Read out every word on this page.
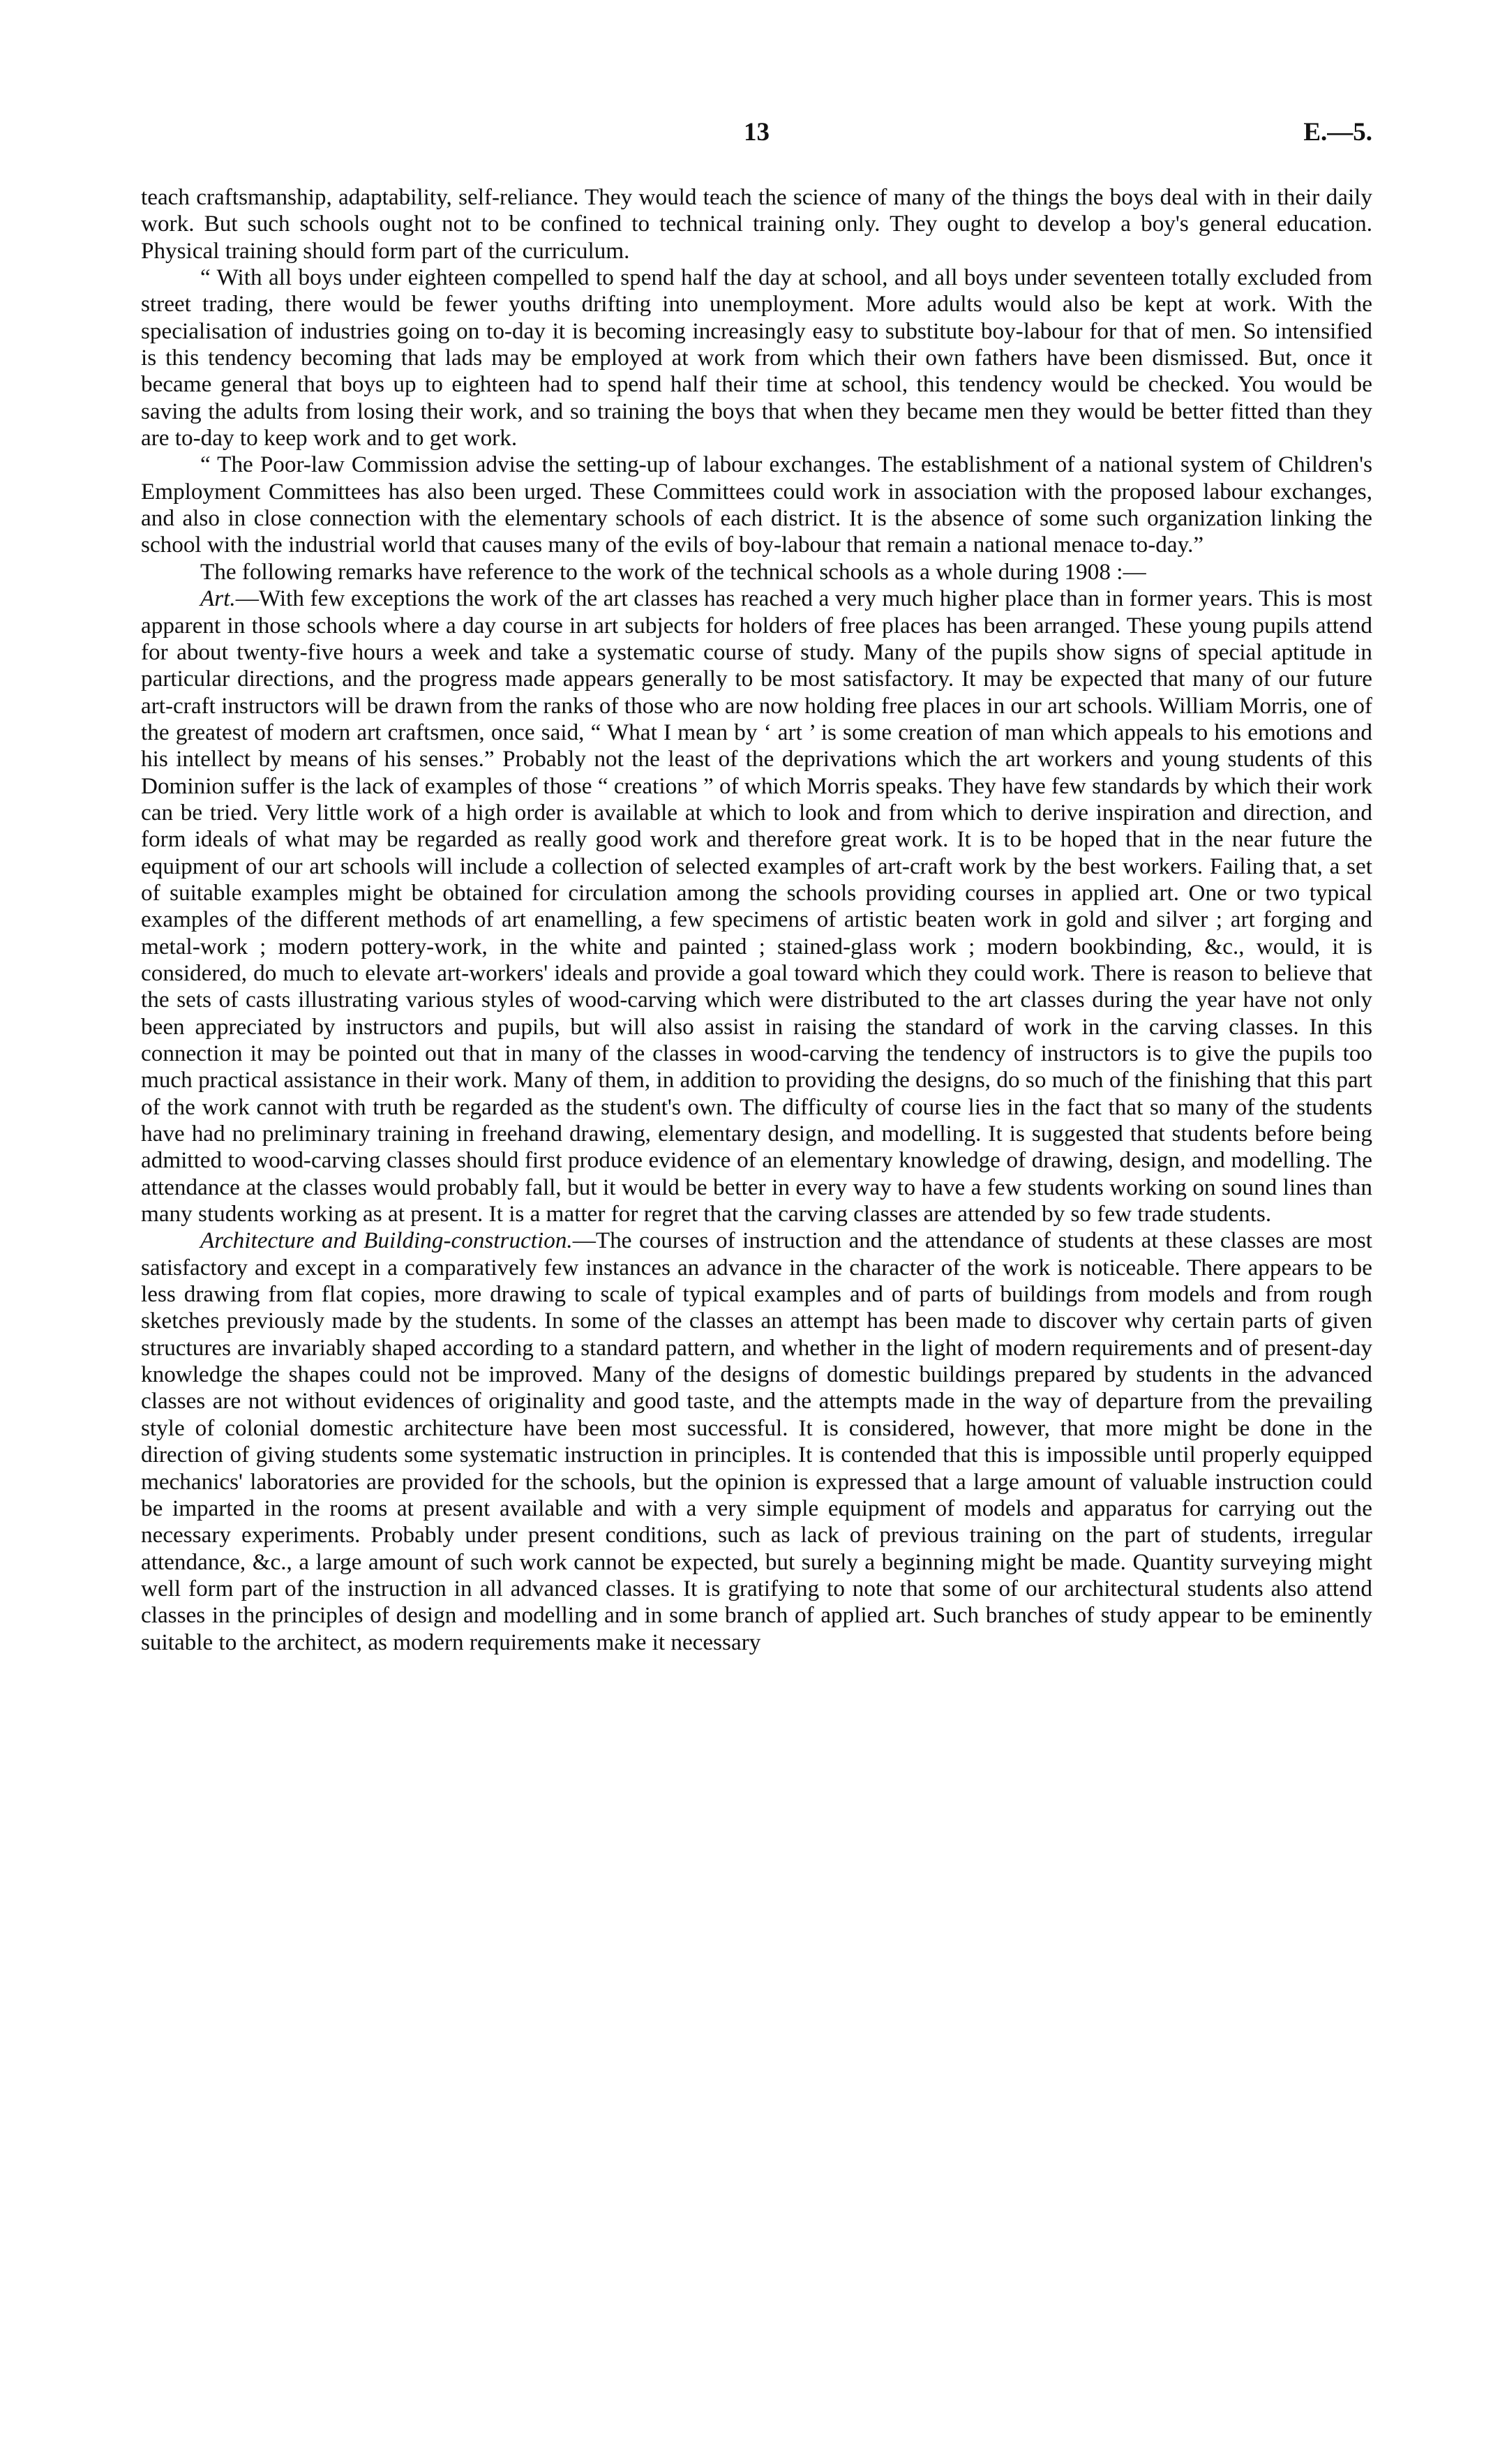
13	E.—5.

teach craftsmanship, adaptability, self-reliance. They would teach the science of many of the things the boys deal with in their daily work. But such schools ought not to be confined to technical training only. They ought to develop a boy's general education. Physical training should form part of the curriculum.

“ With all boys under eighteen compelled to spend half the day at school, and all boys under seventeen totally excluded from street trading, there would be fewer youths drifting into unemployment. More adults would also be kept at work. With the specialisation of industries going on to-day it is becoming increasingly easy to substitute boy-labour for that of men. So intensified is this tendency becoming that lads may be employed at work from which their own fathers have been dismissed. But, once it became general that boys up to eighteen had to spend half their time at school, this tendency would be checked. You would be saving the adults from losing their work, and so training the boys that when they became men they would be better fitted than they are to-day to keep work and to get work.

“ The Poor-law Commission advise the setting-up of labour exchanges. The establishment of a national system of Children's Employment Committees has also been urged. These Committees could work in association with the proposed labour exchanges, and also in close connection with the elementary schools of each district. It is the absence of some such organization linking the school with the industrial world that causes many of the evils of boy-labour that remain a national menace to-day.”

The following remarks have reference to the work of the technical schools as a whole during 1908 :—

Art.—With few exceptions the work of the art classes has reached a very much higher place than in former years. This is most apparent in those schools where a day course in art subjects for holders of free places has been arranged. These young pupils attend for about twenty-five hours a week and take a systematic course of study. Many of the pupils show signs of special aptitude in particular directions, and the progress made appears generally to be most satisfactory. It may be expected that many of our future art-craft instructors will be drawn from the ranks of those who are now holding free places in our art schools. William Morris, one of the greatest of modern art craftsmen, once said, “ What I mean by ‘ art ’ is some creation of man which appeals to his emotions and his intellect by means of his senses.” Probably not the least of the deprivations which the art workers and young students of this Dominion suffer is the lack of examples of those “ creations ” of which Morris speaks. They have few standards by which their work can be tried. Very little work of a high order is available at which to look and from which to derive inspiration and direction, and form ideals of what may be regarded as really good work and therefore great work. It is to be hoped that in the near future the equipment of our art schools will include a collection of selected examples of art-craft work by the best workers. Failing that, a set of suitable examples might be obtained for circulation among the schools providing courses in applied art. One or two typical examples of the different methods of art enamelling, a few specimens of artistic beaten work in gold and silver ; art forging and metal-work ; modern pottery-work, in the white and painted ; stained-glass work ; modern bookbinding, &c., would, it is considered, do much to elevate art-workers' ideals and provide a goal toward which they could work. There is reason to believe that the sets of casts illustrating various styles of wood-carving which were distributed to the art classes during the year have not only been appreciated by instructors and pupils, but will also assist in raising the standard of work in the carving classes. In this connection it may be pointed out that in many of the classes in wood-carving the tendency of instructors is to give the pupils too much practical assistance in their work. Many of them, in addition to providing the designs, do so much of the finishing that this part of the work cannot with truth be regarded as the student's own. The difficulty of course lies in the fact that so many of the students have had no preliminary training in freehand drawing, elementary design, and modelling. It is suggested that students before being admitted to wood-carving classes should first produce evidence of an elementary knowledge of drawing, design, and modelling. The attendance at the classes would probably fall, but it would be better in every way to have a few students working on sound lines than many students working as at present. It is a matter for regret that the carving classes are attended by so few trade students.

Architecture and Building-construction.—The courses of instruction and the attendance of students at these classes are most satisfactory and except in a comparatively few instances an advance in the character of the work is noticeable. There appears to be less drawing from flat copies, more drawing to scale of typical examples and of parts of buildings from models and from rough sketches previously made by the students. In some of the classes an attempt has been made to discover why certain parts of given structures are invariably shaped according to a standard pattern, and whether in the light of modern requirements and of present-day knowledge the shapes could not be improved. Many of the designs of domestic buildings prepared by students in the advanced classes are not without evidences of originality and good taste, and the attempts made in the way of departure from the prevailing style of colonial domestic architecture have been most successful. It is considered, however, that more might be done in the direction of giving students some systematic instruction in principles. It is contended that this is impossible until properly equipped mechanics' laboratories are provided for the schools, but the opinion is expressed that a large amount of valuable instruction could be imparted in the rooms at present available and with a very simple equipment of models and apparatus for carrying out the necessary experiments. Probably under present conditions, such as lack of previous training on the part of students, irregular attendance, &c., a large amount of such work cannot be expected, but surely a beginning might be made. Quantity surveying might well form part of the instruction in all advanced classes. It is gratifying to note that some of our architectural students also attend classes in the principles of design and modelling and in some branch of applied art. Such branches of study appear to be eminently suitable to the architect, as modern requirements make it necessary
